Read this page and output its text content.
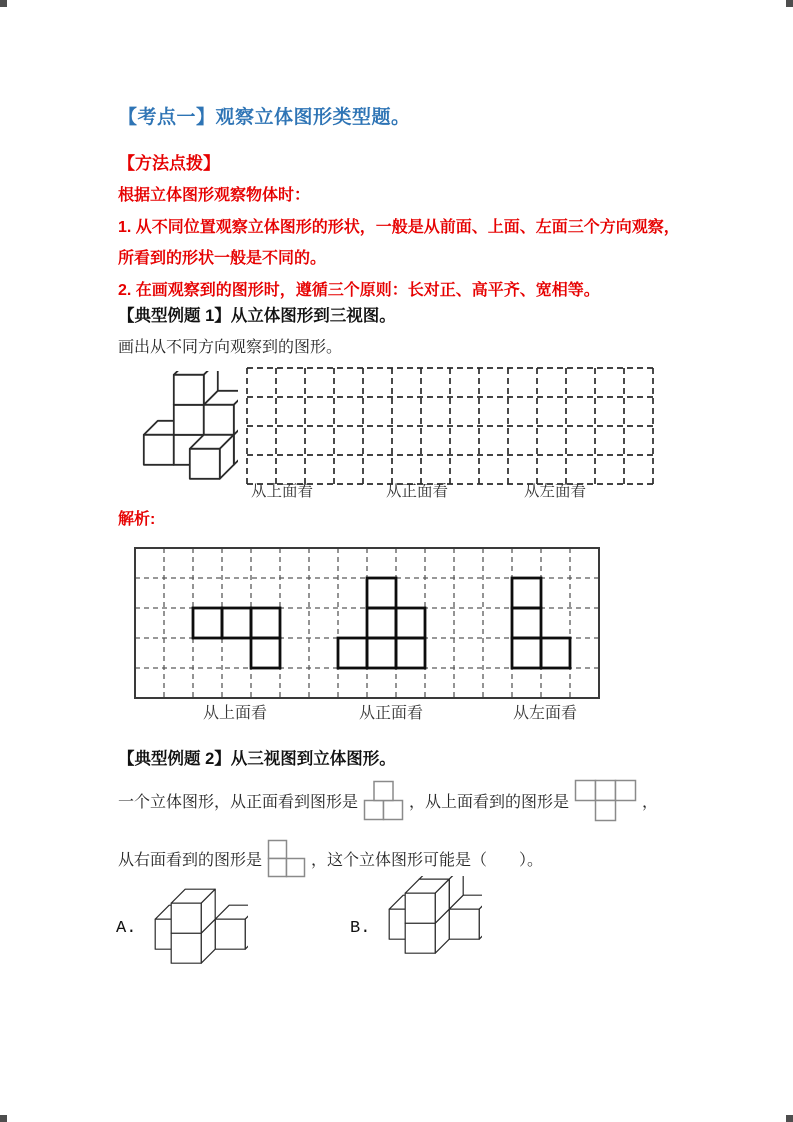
【考点一】观察立体图形类型题。
【方法点拨】
根据立体图形观察物体时：
1. 从不同位置观察立体图形的形状，一般是从前面、上面、左面三个方向观察，
所看到的形状一般是不同的。
2. 在画观察到的图形时，遵循三个原则：长对正、高平齐、宽相等。
【典型例题 1】从立体图形到三视图。
画出从不同方向观察到的图形。
从上面看	从正面看	从左面看
解析:
从上面看	从正面看	从左面看
【典型例题 2】从三视图到立体图形。
一个立体图形，从正面看到图形是	，从上面看到的图形是	，
从右面看到的图形是	，这个立体图形可能是（　　）。
A.	B.
